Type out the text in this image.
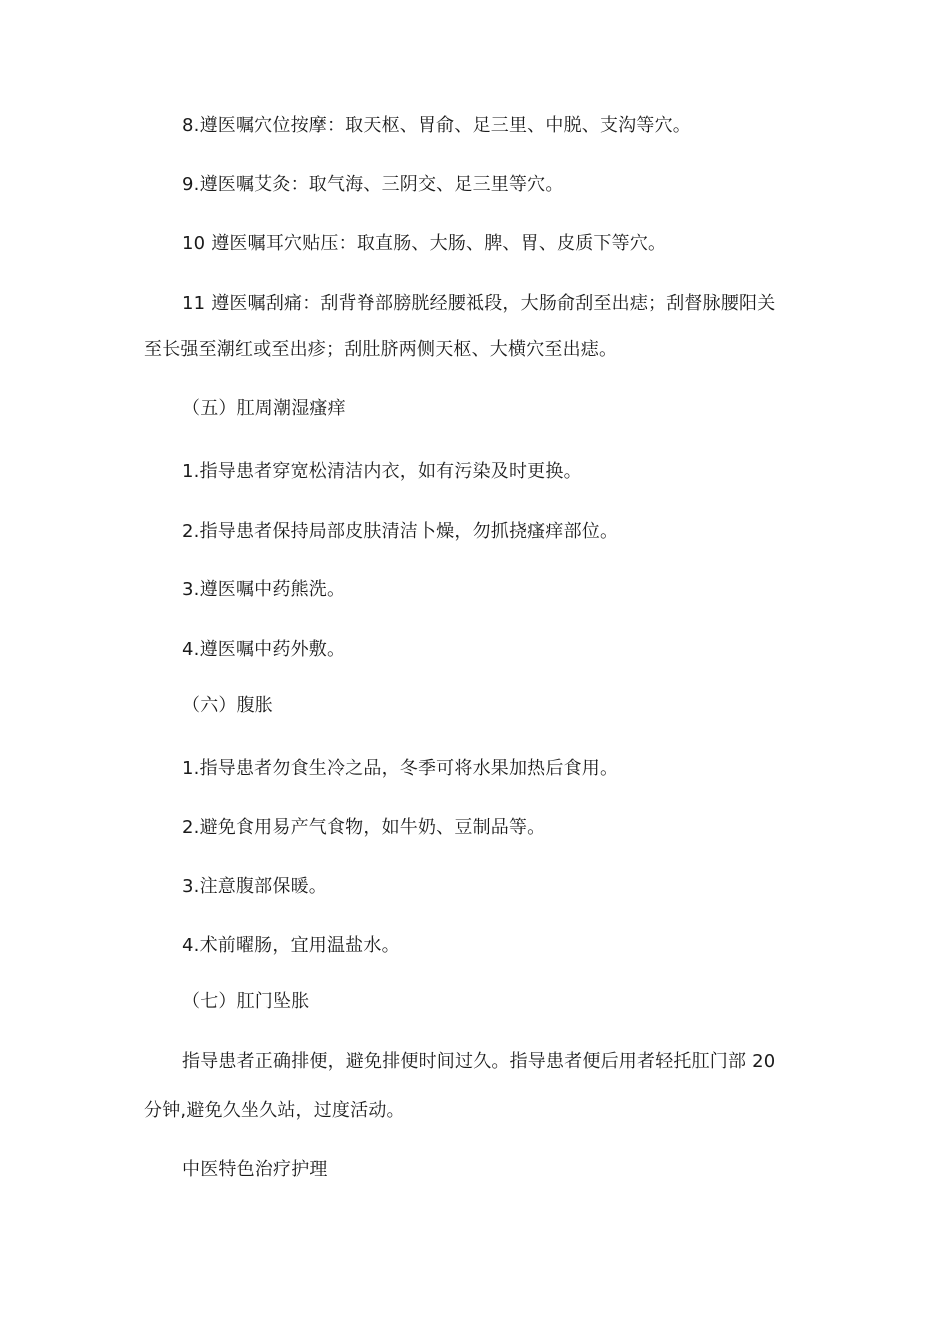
8.遵医嘱穴位按摩：取天枢、胃俞、足三里、中脱、支沟等穴。
9.遵医嘱艾灸：取气海、三阴交、足三里等穴。
10 遵医嘱耳穴贴压：取直肠、大肠、脾、胃、皮质下等穴。
11 遵医嘱刮痛：刮背脊部膀胱经腰祗段，大肠俞刮至出痣；刮督脉腰阳关
至长强至潮红或至出疹；刮肚脐两侧天枢、大横穴至出痣。
（五）肛周潮湿瘙痒
1.指导患者穿宽松清洁内衣，如有污染及时更换。
2.指导患者保持局部皮肤清洁卜燥，勿抓挠瘙痒部位。
3.遵医嘱中药熊洗。
4.遵医嘱中药外敷。
（六）腹胀
1.指导患者勿食生冷之品，冬季可将水果加热后食用。
2.避免食用易产气食物，如牛奶、豆制品等。
3.注意腹部保暖。
4.术前曜肠，宜用温盐水。
（七）肛门坠胀
指导患者正确排便，避免排便时间过久。指导患者便后用者轻托肛门部 20
分钟,避免久坐久站，过度活动。
中医特色治疗护理
